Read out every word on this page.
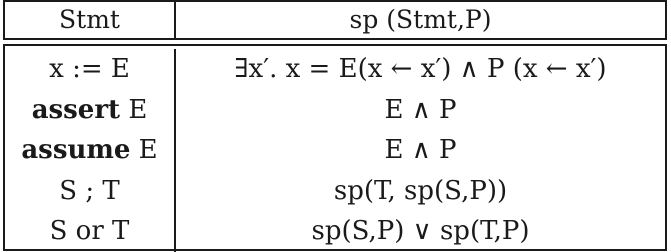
Stmt	sp (Stmt,P)
x := E	∃x′. x = E(x ← x′) ∧ P (x ← x′)
assert E	E ∧ P
assume E	E ∧ P
S ; T	sp(T, sp(S,P))
S or T	sp(S,P) ∨ sp(T,P)
